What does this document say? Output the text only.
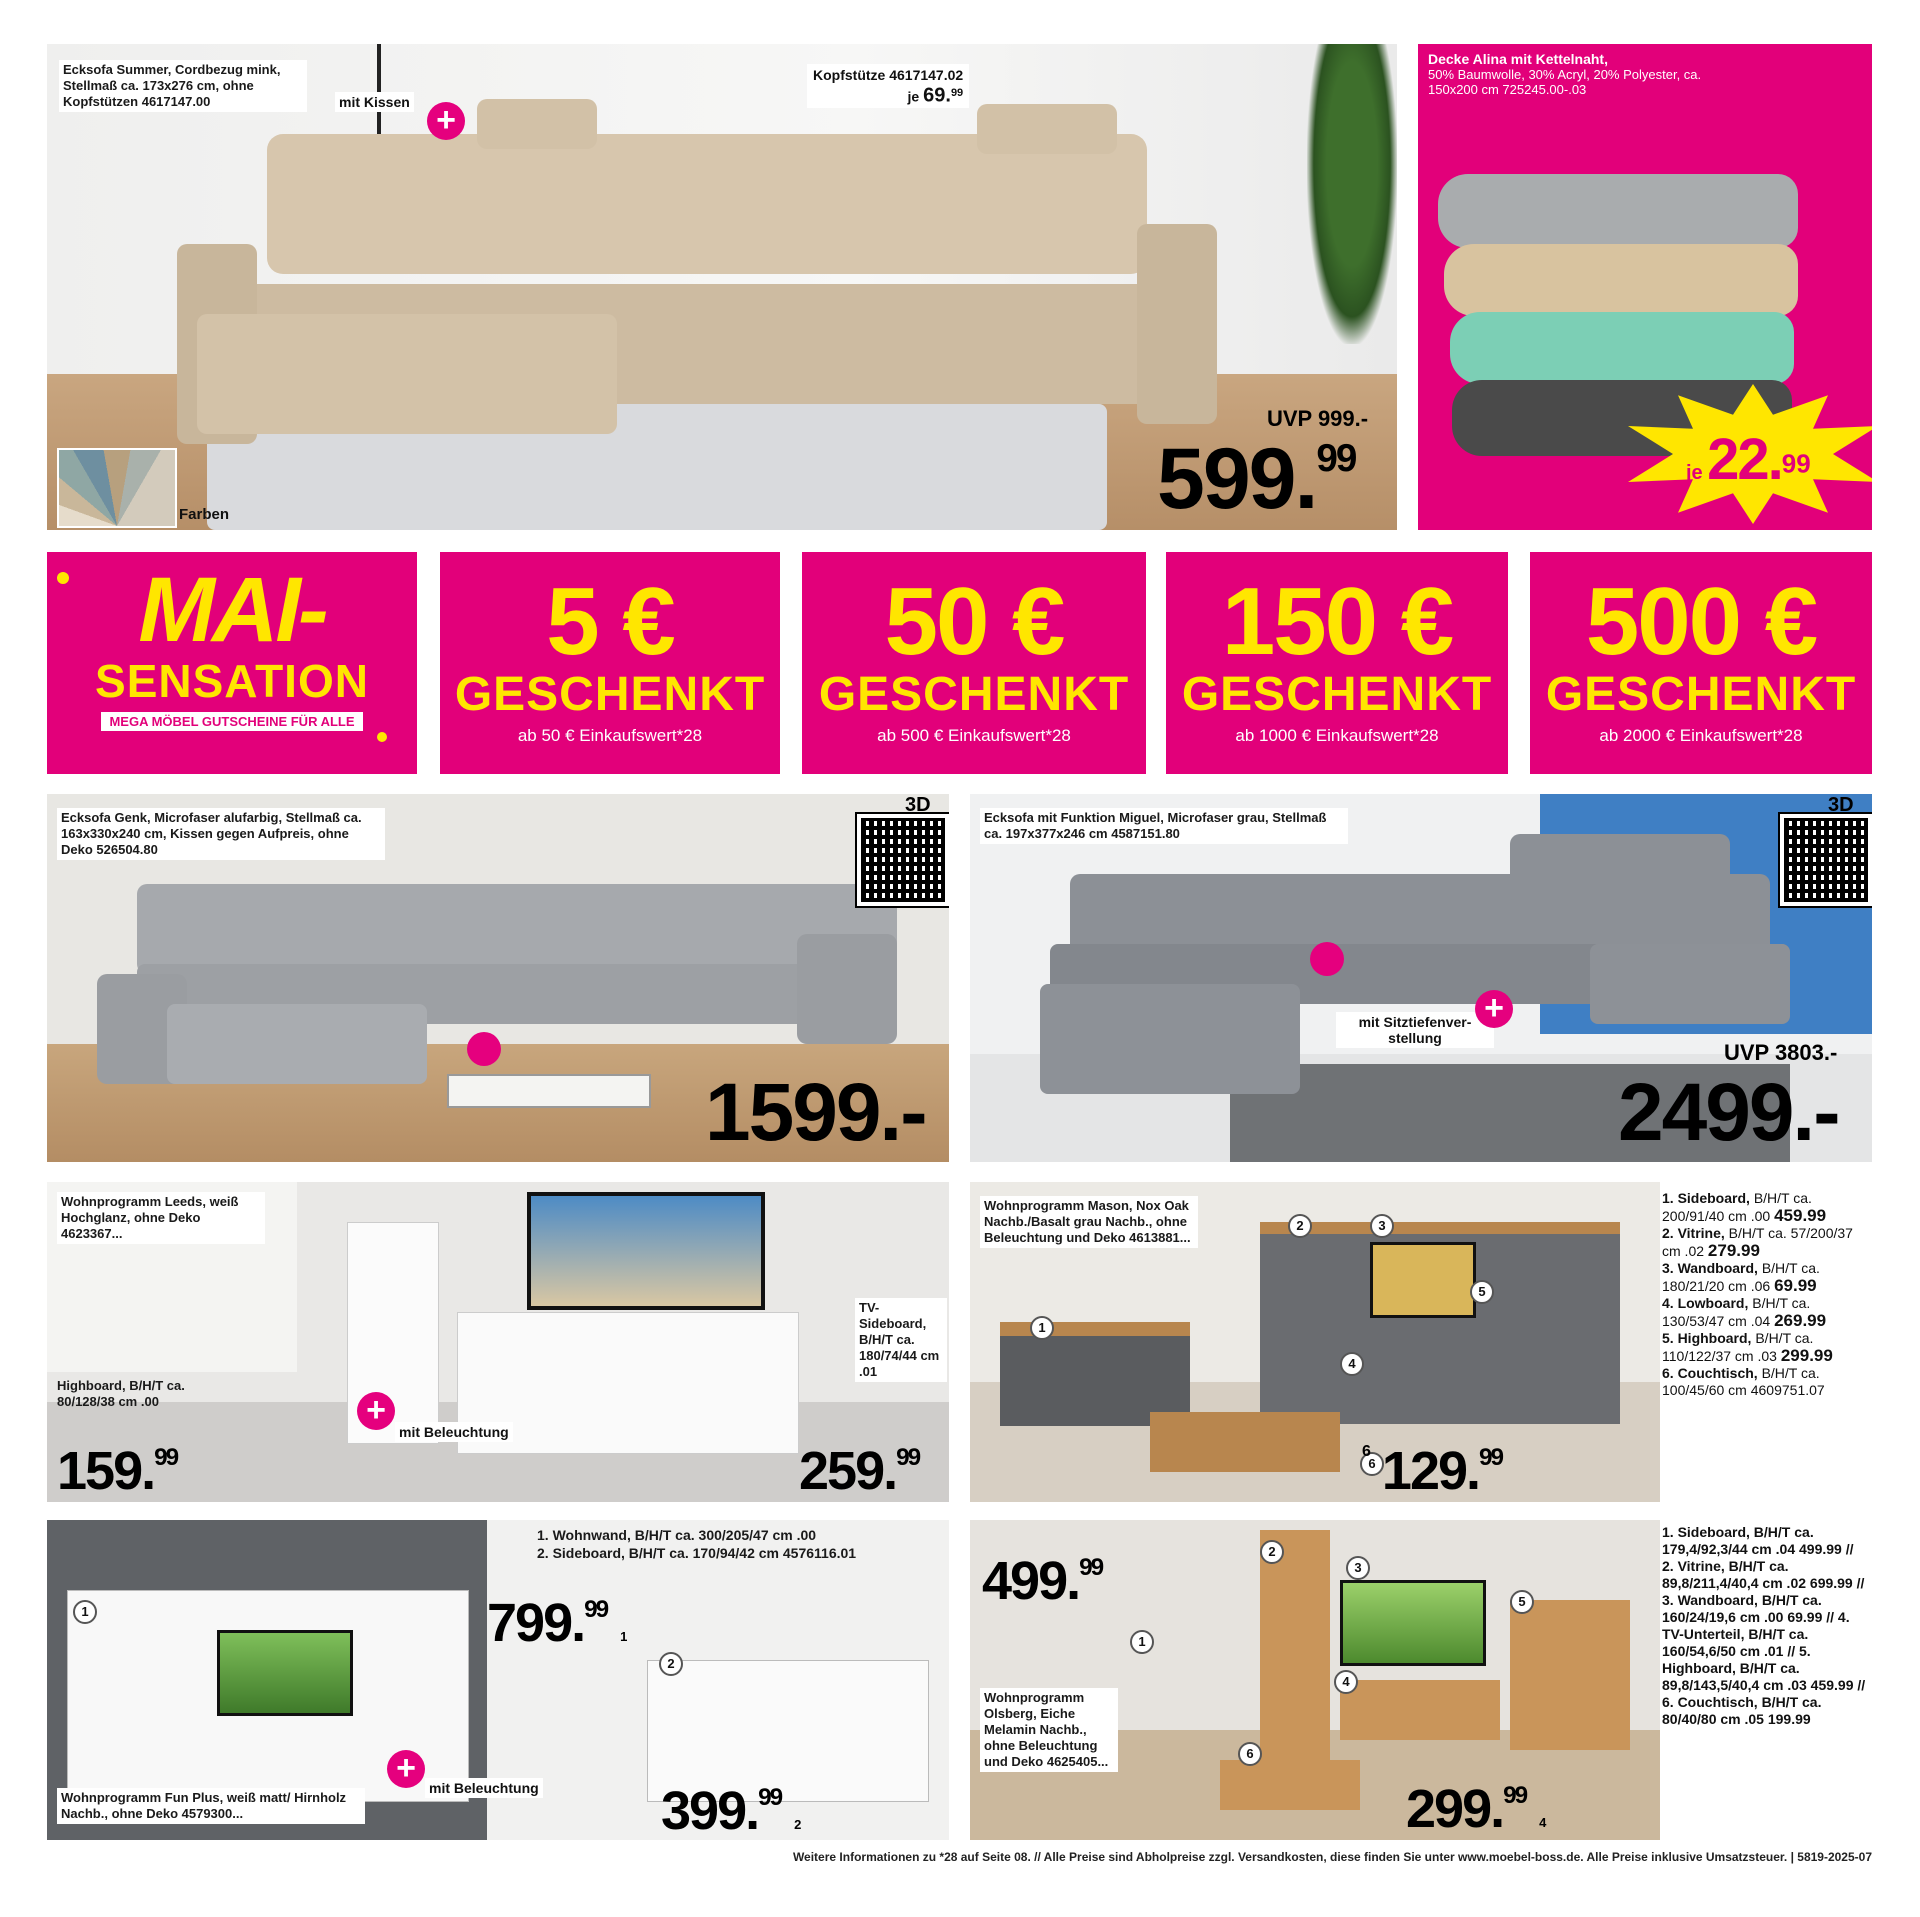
Ecksofa Summer, Cordbezug mink, Stellmaß ca. 173x276 cm, ohne Kopfstützen 4617147.00	mit Kissen +
Kopfstütze 4617147.02
je 69.99
Farben
UVP 999.-
599.99
Decke Alina mit Kettelnaht,
50% Baumwolle, 30% Acryl, 20% Polyester, ca. 150x200 cm 725245.00-.03
je 22.99
MAI-
SENSATION
MEGA MÖBEL GUTSCHEINE FÜR ALLE
5 €
GESCHENKT
ab 50 € Einkaufswert*28
50 €
GESCHENKT
ab 500 € Einkaufswert*28
150 €
GESCHENKT
ab 1000 € Einkaufswert*28
500 €
GESCHENKT
ab 2000 € Einkaufswert*28
Ecksofa Genk, Microfaser alufarbig, Stellmaß ca. 163x330x240 cm, Kissen gegen Aufpreis, ohne Deko 526504.80
3D
1599.-
Ecksofa mit Funktion Miguel, Microfaser grau, Stellmaß ca. 197x377x246 cm 4587151.80
3D
mit Sitztiefenver-stellung
+
UVP 3803.-
2499.-
Wohnprogramm Leeds, weiß Hochglanz, ohne Deko 4623367...
Highboard, B/H/T ca. 80/128/38 cm .00
159.99
+
mit Beleuchtung
TV-Sideboard, B/H/T ca. 180/74/44 cm .01
259.99
1
2	3
4
5
6
Wohnprogramm Mason, Nox Oak Nachb./Basalt grau Nachb., ohne Beleuchtung und Deko 4613881...
$^6$ 129.99
1. Sideboard, B/H/T ca. 200/91/40 cm .00 459.99
2. Vitrine, B/H/T ca. 57/200/37 cm .02 279.99
3. Wandboard, B/H/T ca. 180/21/20 cm .06 69.99
4. Lowboard, B/H/T ca. 130/53/47 cm .04 269.99
5. Highboard, B/H/T ca. 110/122/37 cm .03 299.99
6. Couchtisch, B/H/T ca. 100/45/60 cm 4609751.07
1
2
1. Wohnwand, B/H/T ca. 300/205/47 cm .00
2. Sideboard, B/H/T ca. 170/94/42 cm 4576116.01
799.99 1
+
mit Beleuchtung
Wohnprogramm Fun Plus, weiß matt/ Hirnholz Nachb., ohne Deko 4579300...	399.99 2
1
2
3
4
5
6
499.99
Wohnprogramm Olsberg, Eiche Melamin Nachb., ohne Beleuchtung und Deko 4625405...
299.99 4
1. Sideboard, B/H/T ca. 179,4/92,3/44 cm .04 499.99 // 2. Vitrine, B/H/T ca. 89,8/211,4/40,4 cm .02 699.99 // 3. Wandboard, B/H/T ca. 160/24/19,6 cm .00 69.99 // 4. TV-Unterteil, B/H/T ca. 160/54,6/50 cm .01 // 5. Highboard, B/H/T ca. 89,8/143,5/40,4 cm .03 459.99 // 6. Couchtisch, B/H/T ca. 80/40/80 cm .05 199.99
Weitere Informationen zu *28 auf Seite 08. // Alle Preise sind Abholpreise zzgl. Versandkosten, diese finden Sie unter www.moebel-boss.de. Alle Preise inklusive Umsatzsteuer. | 5819-2025-07
